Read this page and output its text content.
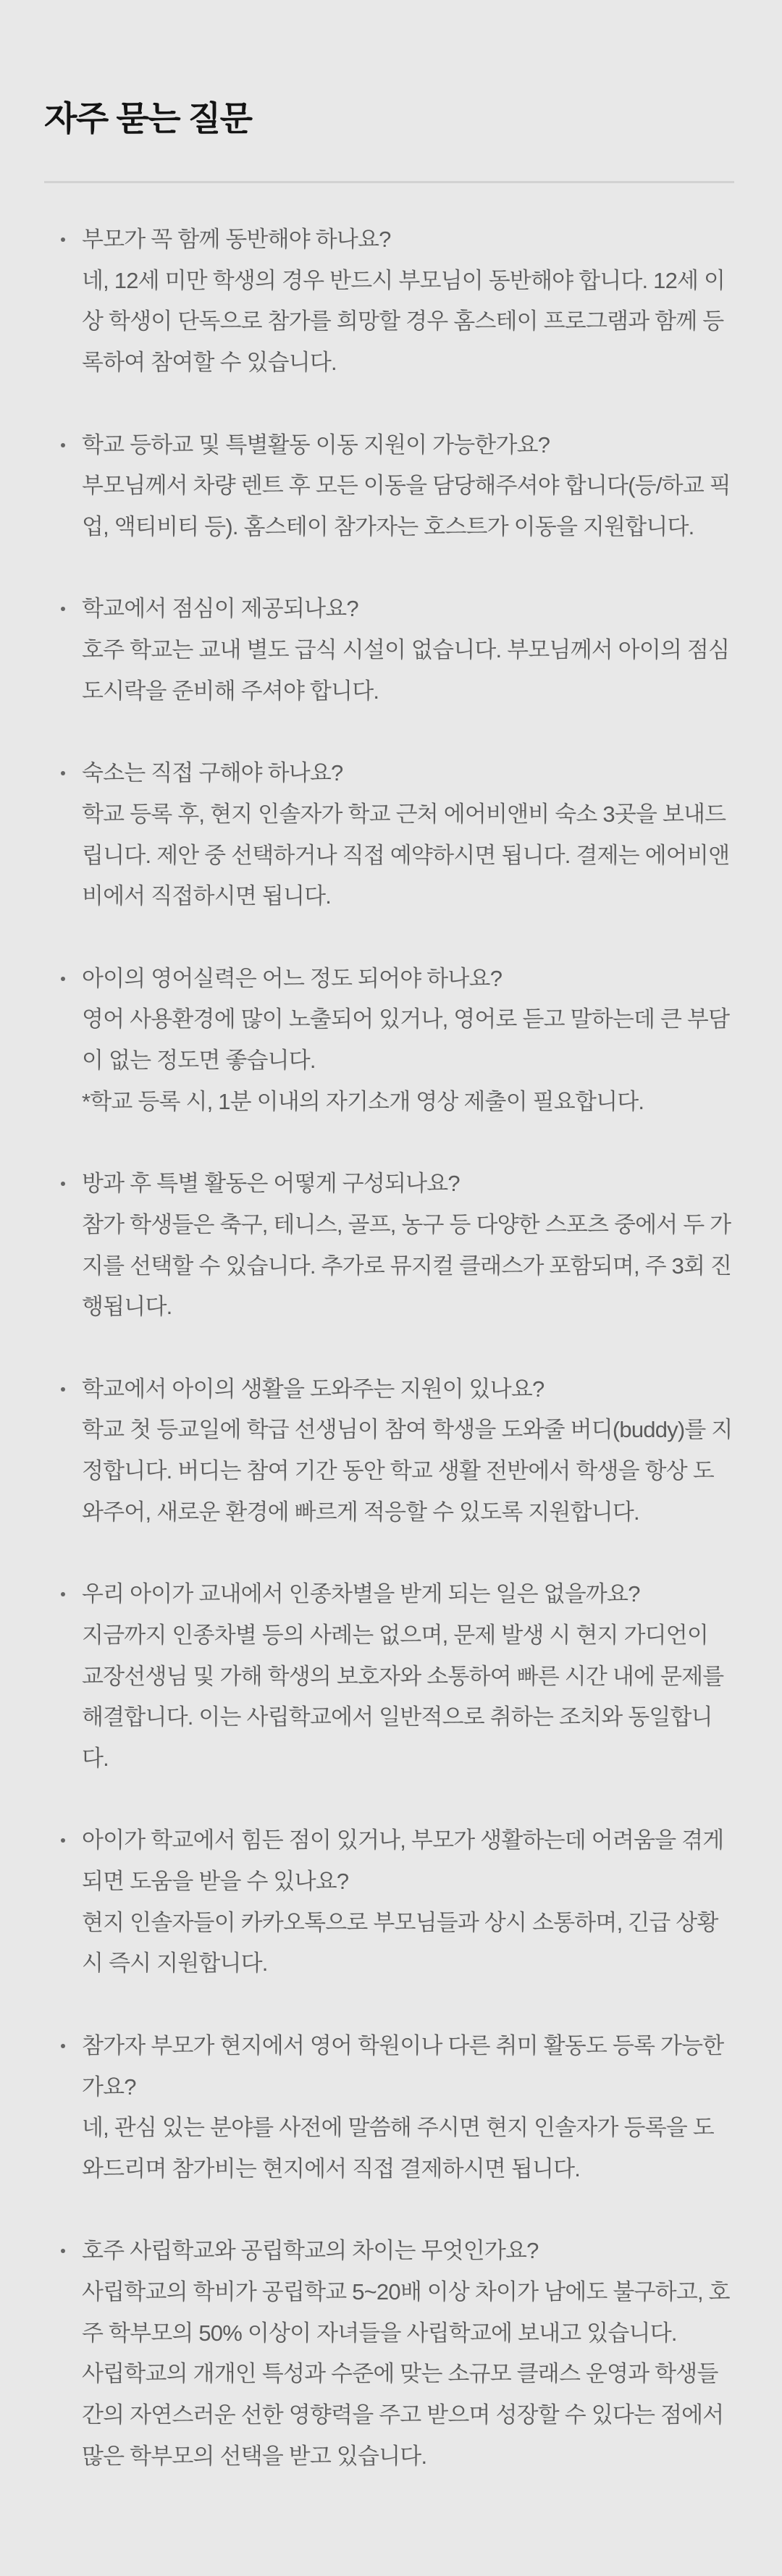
자주 묻는 질문

부모가 꼭 함께 동반해야 하나요?

네, 12세 미만 학생의 경우 반드시 부모님이 동반해야 합니다. 12세 이상 학생이 단독으로 참가를 희망할 경우 홈스테이 프로그램과 함께 등록하여 참여할 수 있습니다.

학교 등하교 및 특별활동 이동 지원이 가능한가요?

부모님께서 차량 렌트 후 모든 이동을 담당해주셔야 합니다(등/하교 픽업, 액티비티 등). 홈스테이 참가자는 호스트가 이동을 지원합니다.

학교에서 점심이 제공되나요?

호주 학교는 교내 별도 급식 시설이 없습니다. 부모님께서 아이의 점심 도시락을 준비해 주셔야 합니다.

숙소는 직접 구해야 하나요?

학교 등록 후, 현지 인솔자가 학교 근처 에어비앤비 숙소 3곳을 보내드립니다. 제안 중 선택하거나 직접 예약하시면 됩니다. 결제는 에어비앤비에서 직접하시면 됩니다.

아이의 영어실력은 어느 정도 되어야 하나요?

영어 사용환경에 많이 노출되어 있거나, 영어로 듣고 말하는데 큰 부담이 없는 정도면 좋습니다.

*학교 등록 시, 1분 이내의 자기소개 영상 제출이 필요합니다.

방과 후 특별 활동은 어떻게 구성되나요?

참가 학생들은 축구, 테니스, 골프, 농구 등 다양한 스포츠 중에서 두 가지를 선택할 수 있습니다. 추가로 뮤지컬 클래스가 포함되며, 주 3회 진행됩니다.

학교에서 아이의 생활을 도와주는 지원이 있나요?

학교 첫 등교일에 학급 선생님이 참여 학생을 도와줄 버디(buddy)를 지정합니다. 버디는 참여 기간 동안 학교 생활 전반에서 학생을 항상 도와주어, 새로운 환경에 빠르게 적응할 수 있도록 지원합니다.

우리 아이가 교내에서 인종차별을 받게 되는 일은 없을까요?

지금까지 인종차별 등의 사례는 없으며, 문제 발생 시 현지 가디언이 교장선생님 및 가해 학생의 보호자와 소통하여 빠른 시간 내에 문제를 해결합니다. 이는 사립학교에서 일반적으로 취하는 조치와 동일합니다.

아이가 학교에서 힘든 점이 있거나, 부모가 생활하는데 어려움을 겪게 되면 도움을 받을 수 있나요?

현지 인솔자들이 카카오톡으로 부모님들과 상시 소통하며, 긴급 상황 시 즉시 지원합니다.

참가자 부모가 현지에서 영어 학원이나 다른 취미 활동도 등록 가능한가요?

네, 관심 있는 분야를 사전에 말씀해 주시면 현지 인솔자가 등록을 도와드리며 참가비는 현지에서 직접 결제하시면 됩니다.

호주 사립학교와 공립학교의 차이는 무엇인가요?

사립학교의 학비가 공립학교 5~20배 이상 차이가 남에도 불구하고, 호주 학부모의 50% 이상이 자녀들을 사립학교에 보내고 있습니다.

사립학교의 개개인 특성과 수준에 맞는 소규모 클래스 운영과 학생들 간의 자연스러운 선한 영향력을 주고 받으며 성장할 수 있다는 점에서 많은 학부모의 선택을 받고 있습니다.
